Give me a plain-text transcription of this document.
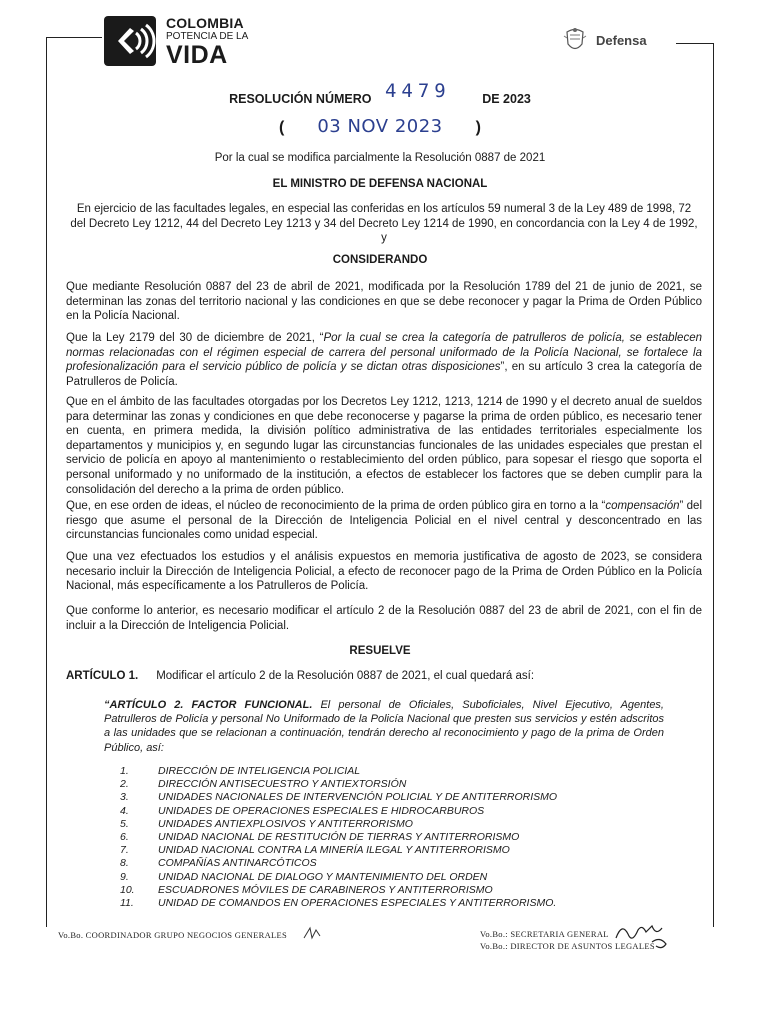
COLOMBIA
POTENCIA DE LA
VIDA
Defensa
RESOLUCIÓN NÚMERO 4479	DE 2023
( 03 NOV 2023 )
Por la cual se modifica parcialmente la Resolución 0887 de 2021
EL MINISTRO DE DEFENSA NACIONAL
En ejercicio de las facultades legales, en especial las conferidas en los artículos 59 numeral 3 de la Ley 489 de 1998, 72 del Decreto Ley 1212, 44 del Decreto Ley 1213 y 34 del Decreto Ley 1214 de 1990, en concordancia con la Ley 4 de 1992, y
CONSIDERANDO
Que mediante Resolución 0887 del 23 de abril de 2021, modificada por la Resolución 1789 del 21 de junio de 2021, se determinan las zonas del territorio nacional y las condiciones en que se debe reconocer y pagar la Prima de Orden Público en la Policía Nacional.
Que la Ley 2179 del 30 de diciembre de 2021, “Por la cual se crea la categoría de patrulleros de policía, se establecen normas relacionadas con el régimen especial de carrera del personal uniformado de la Policía Nacional, se fortalece la profesionalización para el servicio público de policía y se dictan otras disposiciones”, en su artículo 3 crea la categoría de Patrulleros de Policía.
Que en el ámbito de las facultades otorgadas por los Decretos Ley 1212, 1213, 1214 de 1990 y el decreto anual de sueldos para determinar las zonas y condiciones en que debe reconocerse y pagarse la prima de orden público, es necesario tener en cuenta, en primera medida, la división político administrativa de las entidades territoriales especialmente los departamentos y municipios y, en segundo lugar las circunstancias funcionales de las unidades especiales que prestan el servicio de policía en apoyo al mantenimiento o restablecimiento del orden público, para sopesar el riesgo que soporta el personal uniformado y no uniformado de la institución, a efectos de establecer los factores que se deben cumplir para la consolidación del derecho a la prima de orden público.
Que, en ese orden de ideas, el núcleo de reconocimiento de la prima de orden público gira en torno a la “compensación” del riesgo que asume el personal de la Dirección de Inteligencia Policial en el nivel central y desconcentrado en las circunstancias funcionales como unidad especial.
Que una vez efectuados los estudios y el análisis expuestos en memoria justificativa de agosto de 2023, se considera necesario incluir la Dirección de Inteligencia Policial, a efecto de reconocer pago de la Prima de Orden Público en la Policía Nacional, más específicamente a los Patrulleros de Policía.
Que conforme lo anterior, es necesario modificar el artículo 2 de la Resolución 0887 del 23 de abril de 2021, con el fin de incluir a la Dirección de Inteligencia Policial.
RESUELVE
ARTÍCULO 1. Modificar el artículo 2 de la Resolución 0887 de 2021, el cual quedará así:
“ARTÍCULO 2. FACTOR FUNCIONAL. El personal de Oficiales, Suboficiales, Nivel Ejecutivo, Agentes, Patrulleros de Policía y personal No Uniformado de la Policía Nacional que presten sus servicios y estén adscritos a las unidades que se relacionan a continuación, tendrán derecho al reconocimiento y pago de la prima de Orden Público, así:
1.	DIRECCIÓN DE INTELIGENCIA POLICIAL
2.	DIRECCIÓN ANTISECUESTRO Y ANTIEXTORSIÓN
3.	UNIDADES NACIONALES DE INTERVENCIÓN POLICIAL Y DE ANTITERRORISMO
4.	UNIDADES DE OPERACIONES ESPECIALES E HIDROCARBUROS
5.	UNIDADES ANTIEXPLOSIVOS Y ANTITERRORISMO
6.	UNIDAD NACIONAL DE RESTITUCIÓN DE TIERRAS Y ANTITERRORISMO
7.	UNIDAD NACIONAL CONTRA LA MINERÍA ILEGAL Y ANTITERRORISMO
8.	COMPAÑÍAS ANTINARCÓTICOS
9.	UNIDAD NACIONAL DE DIALOGO Y MANTENIMIENTO DEL ORDEN
10. ESCUADRONES MÓVILES DE CARABINEROS Y ANTITERRORISMO
11. UNIDAD DE COMANDOS EN OPERACIONES ESPECIALES Y ANTITERRORISMO.
Vo.Bo. COORDINADOR GRUPO NEGOCIOS GENERALES	Vo.Bo.: SECRETARIA GENERAL
Vo.Bo.: DIRECTOR DE ASUNTOS LEGALES
